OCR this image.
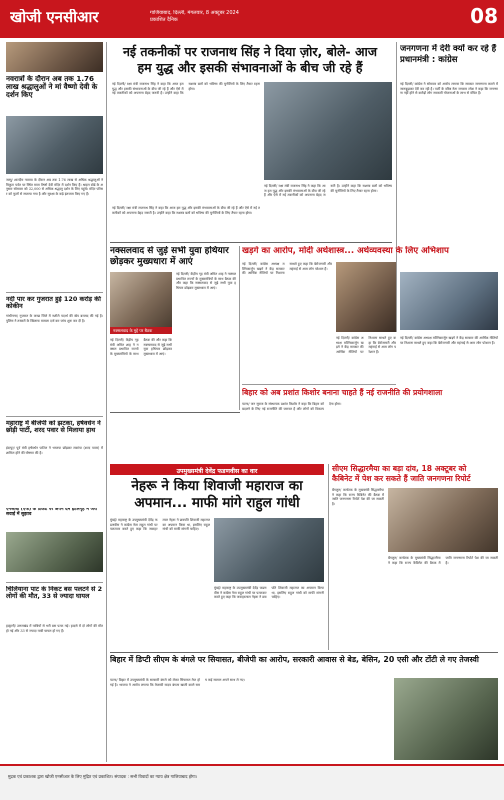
खोजी एनसीआर	गाजियाबाद, दिल्ली, मंगलवार, 8 अक्टूबर 2024
प्रकाशित दैनिक	08
नवरात्रों के दौरान अब तक 1.76 लाख श्रद्धालुओं ने मां वैष्णो देवी के दर्शन किए
जम्मू/ शारदीय नवरात्र के दौरान अब तक 1.76 लाख से अधिक श्रद्धालुओं ने त्रिकुटा पर्वत पर स्थित माता वैष्णो देवी मंदिर में दर्शन किए हैं। श्राइन बोर्ड के अनुसार सोमवार को 32,000 से अधिक श्रद्धालु दर्शन के लिए पहुंचे। मंदिर परिसर को फूलों से सजाया गया है और सुरक्षा के कड़े इंतजाम किए गए हैं।
नदी पार कर गुजरात हुई 120 करोड़ की कोकीन
गांधीनगर/ गुजरात के कच्छ जिले में नशीले पदार्थ की खेप बरामद की गई है। पुलिस ने तस्करों के खिलाफ मामला दर्ज कर जांच शुरू कर दी है।
महाराष्ट्र में बीजेपी को झटका, हर्षवर्धन ने छोड़ी पार्टी, शरद पवार से मिलाया हाथ
इंदापुर/ पूर्व मंत्री हर्षवर्धन पाटिल ने भाजपा छोड़कर राकांपा (शरद पवार) में शामिल होने की घोषणा की है।
एनसीबी (एफ) के टिकट पर अपने दम इंटेलगृह में जरा सवाई में सुझाव
चिलियाना पाट के निकट बस पलटने से 2 लोगों की मौत, 33 से ज्यादा घायल
हल्द्वानी/ उत्तराखंड में यात्रियों से भरी बस पलट गई। हादसे में दो लोगों की मौत हो गई और 33 से ज्यादा यात्री घायल हो गए हैं।
नई तकनीकों पर राजनाथ सिंह ने दिया ज़ोर, बोले- आज
हम युद्ध और इसकी संभावनाओं के बीच जी रहे हैं
नई दिल्ली/ रक्षा मंत्री राजनाथ सिंह ने कहा कि आज हम युद्ध और इसकी संभावनाओं के बीच जी रहे हैं और ऐसे में नई तकनीकों को अपनाना बेहद जरूरी है। उन्होंने कहा कि सशस्त्र बलों को भविष्य की चुनौतियों के लिए तैयार रहना होगा।
नई दिल्ली/ रक्षा मंत्री राजनाथ सिंह ने कहा कि आज हम युद्ध और इसकी संभावनाओं के बीच जी रहे हैं और ऐसे में नई तकनीकों को अपनाना बेहद जरूरी है। उन्होंने कहा कि सशस्त्र बलों को भविष्य की चुनौतियों के लिए तैयार रहना होगा।
नई दिल्ली/ रक्षा मंत्री राजनाथ सिंह ने कहा कि आज हम युद्ध और इसकी संभावनाओं के बीच जी रहे हैं और ऐसे में नई तकनीकों को अपनाना बेहद जरूरी है। उन्होंने कहा कि सशस्त्र बलों को भविष्य की चुनौतियों के लिए तैयार रहना होगा।
जनगणना में देरी क्यों कर रहे हैं प्रधानमंत्री : कांग्रेस
नई दिल्ली/ कांग्रेस ने सोमवार को आरोप लगाया कि सरकार जनगणना कराने में जानबूझकर देरी कर रही है। पार्टी के वरिष्ठ नेता जयराम रमेश ने कहा कि जनगणना नहीं होने से करोड़ों लोग सरकारी योजनाओं के लाभ से वंचित हैं।
नक्सलवाद से जुड़े सभी युवा हथियार छोड़कर मुख्यधारा में आएं
नक्सलवाद के मुद्दे पर बैठक
नई दिल्ली/ केंद्रीय गृह मंत्री अमित शाह ने नक्सल प्रभावित राज्यों के मुख्यमंत्रियों के साथ बैठक की और कहा कि नक्सलवाद से जुड़े सभी युवा हथियार छोड़कर मुख्यधारा में आएं।
नई दिल्ली/ केंद्रीय गृह मंत्री अमित शाह ने नक्सल प्रभावित राज्यों के मुख्यमंत्रियों के साथ बैठक की और कहा कि नक्सलवाद से जुड़े सभी युवा हथियार छोड़कर मुख्यधारा में आएं।
खड़गे का आरोप, मोदी अर्थशास्त्र... अर्थव्यवस्था के लिए अभिशाप
नई दिल्ली/ कांग्रेस अध्यक्ष मल्लिकार्जुन खड़गे ने केंद्र सरकार की आर्थिक नीतियों पर निशाना साधते हुए कहा कि बेरोजगारी और महंगाई से आम लोग परेशान हैं।
नई दिल्ली/ कांग्रेस अध्यक्ष मल्लिकार्जुन खड़गे ने केंद्र सरकार की आर्थिक नीतियों पर निशाना साधते हुए कहा कि बेरोजगारी और महंगाई से आम लोग परेशान हैं।
नई दिल्ली/ कांग्रेस अध्यक्ष मल्लिकार्जुन खड़गे ने केंद्र सरकार की आर्थिक नीतियों पर निशाना साधते हुए कहा कि बेरोजगारी और महंगाई से आम लोग परेशान हैं।
बिहार को अब प्रशांत किशोर बनाना चाहते हैं नई राजनीति की प्रयोगशाला
पटना/ जन सुराज के संस्थापक प्रशांत किशोर ने कहा कि बिहार को बदलने के लिए नई राजनीति की जरूरत है और लोगों को विकल्प देना होगा।
उपमुख्यमंत्री देवेंद्र फडणवीस का वार
नेहरू ने किया शिवाजी महाराज का
अपमान... माफी मांगे राहुल गांधी
मुंबई/ महाराष्ट्र के उपमुख्यमंत्री देवेंद्र फडणवीस ने कांग्रेस नेता राहुल गांधी पर पलटवार करते हुए कहा कि जवाहरलाल नेहरू ने छत्रपति शिवाजी महाराज का अपमान किया था, इसलिए राहुल गांधी को माफी मांगनी चाहिए।
मुंबई/ महाराष्ट्र के उपमुख्यमंत्री देवेंद्र फडणवीस ने कांग्रेस नेता राहुल गांधी पर पलटवार करते हुए कहा कि जवाहरलाल नेहरू ने छत्रपति शिवाजी महाराज का अपमान किया था, इसलिए राहुल गांधी को माफी मांगनी चाहिए।
सीएम सिद्धारमैया का बड़ा दांव, 18 अक्टूबर को
कैबिनेट में पेश कर सकते हैं जाति जनगणना रिपोर्ट
बेंगलुरु/ कर्नाटक के मुख्यमंत्री सिद्धारमैया ने कहा कि राज्य कैबिनेट की बैठक में जाति जनगणना रिपोर्ट पेश की जा सकती है।
बेंगलुरु/ कर्नाटक के मुख्यमंत्री सिद्धारमैया ने कहा कि राज्य कैबिनेट की बैठक में जाति जनगणना रिपोर्ट पेश की जा सकती है।
बिहार में डिप्टी सीएम के बंगले पर सियासत, बीजेपी का आरोप, सरकारी आवास से बेड, बेसिन, 20 एसी और टोंटी ले गए तेजस्वी
पटना/ बिहार में उपमुख्यमंत्री के सरकारी बंगले को लेकर सियासत तेज हो गई है। भाजपा ने आरोप लगाया कि तेजस्वी यादव बंगला खाली करते समय कई सामान अपने साथ ले गए।
मुद्रक एवं प्रकाशक द्वारा खोजी एनसीआर के लिए मुद्रित एवं प्रकाशित। संपादक : सभी विवादों का न्याय क्षेत्र गाजियाबाद होगा।
